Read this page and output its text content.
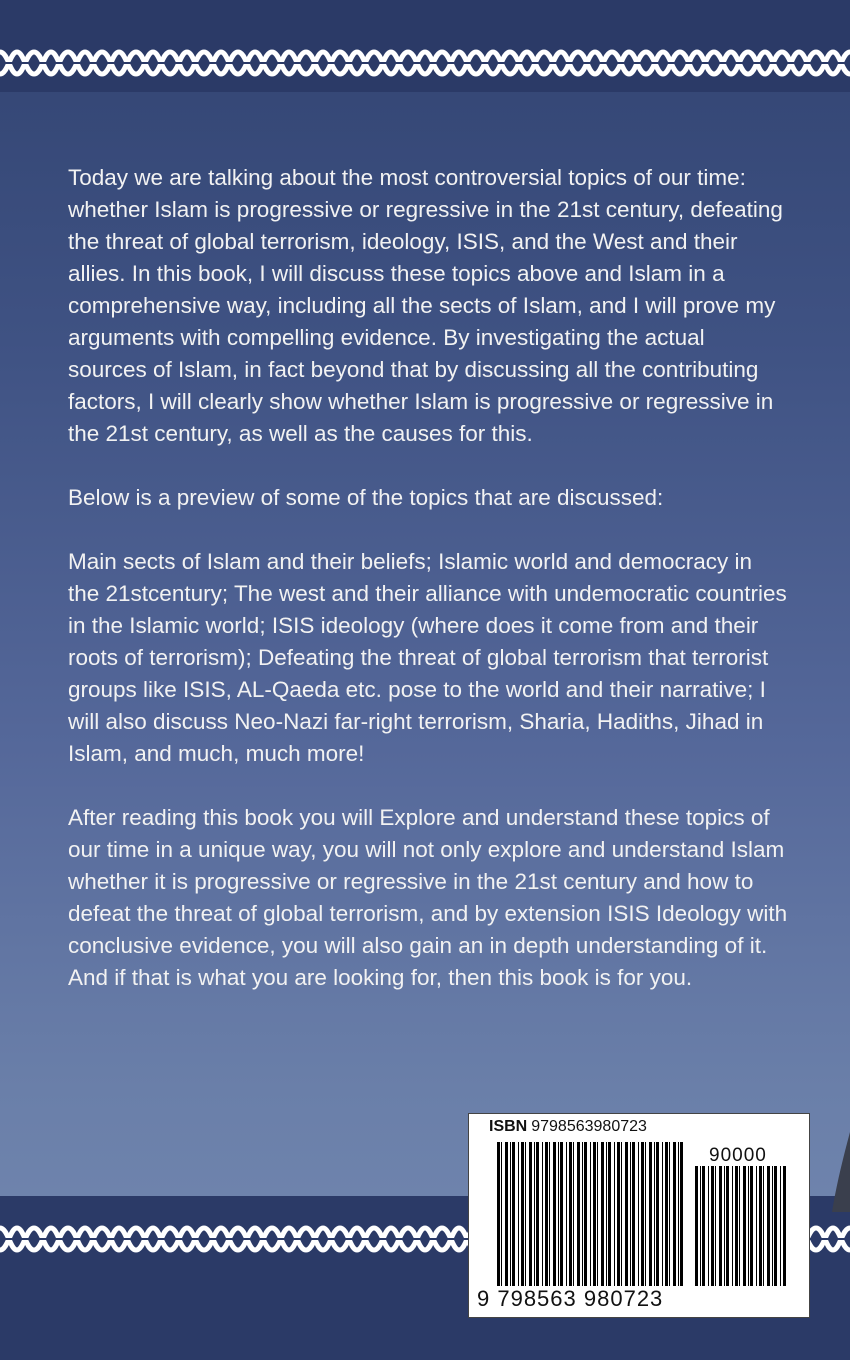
Today we are talking about the most controversial topics of our time: whether Islam is progressive or regressive in the 21st century, defeating the threat of global terrorism, ideology, ISIS, and the West and their allies. In this book, I will discuss these topics above and Islam in a comprehensive way, including all the sects of Islam, and I will prove my arguments with compelling evidence. By investigating the actual sources of Islam, in fact beyond that by discussing all the contributing factors, I will clearly show whether Islam is progressive or regressive in the 21st century, as well as the causes for this.

Below is a preview of some of the topics that are discussed:

Main sects of Islam and their beliefs; Islamic world and democracy in the 21stcentury; The west and their alliance with undemocratic countries in the Islamic world; ISIS ideology (where does it come from and their roots of terrorism); Defeating the threat of global terrorism that terrorist groups like ISIS, AL-Qaeda etc. pose to the world and their narrative; I will also discuss Neo-Nazi far-right terrorism, Sharia, Hadiths, Jihad in Islam, and much, much more!

After reading this book you will Explore and understand these topics of our time in a unique way, you will not only explore and understand Islam whether it is progressive or regressive in the 21st century and how to defeat the threat of global terrorism, and by extension ISIS Ideology with conclusive evidence, you will also gain an in depth understanding of it. And if that is what you are looking for, then this book is for you.

ISBN 9798563980723
90000
9 798563 980723
